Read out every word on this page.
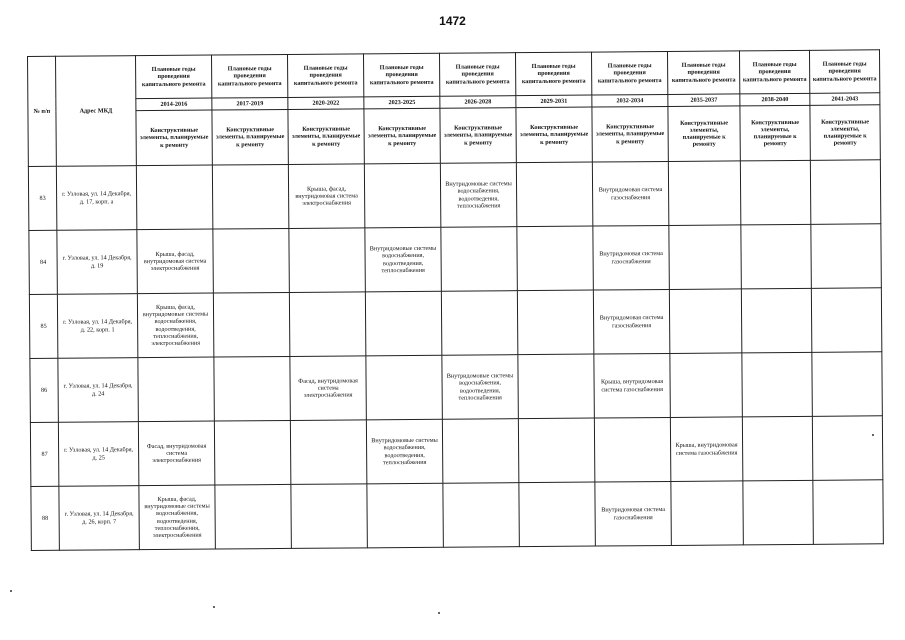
1472
№ п/п	Адрес МКД	Плановые годы проведения капитального ремонта	Плановые годы проведения капитального ремонта	Плановые годы проведения капитального ремонта	Плановые годы проведения капитального ремонта	Плановые годы проведения капитального ремонта	Плановые годы проведения капитального ремонта	Плановые годы проведения капитального ремонта	Плановые годы проведения капитального ремонта	Плановые годы проведения капитального ремонта	Плановые годы проведения капитального ремонта
		2014-2016	2017-2019	2020-2022	2023-2025	2026-2028	2029-2031	2032-2034	2035-2037	2038-2040	2041-2043
		Конструктивные элементы, планируемые к ремонту	Конструктивные элементы, планируемые к ремонту	Конструктивные элементы, планируемые к ремонту	Конструктивные элементы, планируемые к ремонту	Конструктивные элементы, планируемые к ремонту	Конструктивные элементы, планируемые к ремонту	Конструктивные элементы, планируемые к ремонту	Конструктивные элементы, планируемые к ремонту	Конструктивные элементы, планируемые к ремонту	Конструктивные элементы, планируемые к ремонту
83	г. Узловая, ул. 14 Декабря, д. 17, корп. а			Крыша, фасад, внутридомовая система электроснабжения		Внутридомовые системы водоснабжения, водоотведения, теплоснабжения		Внутридомовая система газоснабжения			
84	г. Узловая, ул. 14 Декабря, д. 19	Крыша, фасад, внутридомовая система электроснабжения			Внутридомовые системы водоснабжения, водоотведения, теплоснабжения			Внутридомовая система газоснабжения			
85	г. Узловая, ул. 14 Декабря, д. 22, корп. 1	Крыша, фасад, внутридомовые системы водоснабжения, водоотведения, теплоснабжения, электроснабжения						Внутридомовая система газоснабжения			
86	г. Узловая, ул. 14 Декабря, д. 24			Фасад, внутридомовая система электроснабжения		Внутридомовые системы водоснабжения, водоотведения, теплоснабжения		Крыша, внутридомовая система газоснабжения			
87	г. Узловая, ул. 14 Декабря, д. 25	Фасад, внутридомовая система электроснабжения			Внутридомовые системы водоснабжения, водоотведения, теплоснабжения				Крыша, внутридомовая система газоснабжения		
88	г. Узловая, ул. 14 Декабря, д. 26, корп. 7	Крыша, фасад, внутридомовые системы водоснабжения, водоотведения, теплоснабжения, электроснабжения						Внутридомовая система газоснабжения			
